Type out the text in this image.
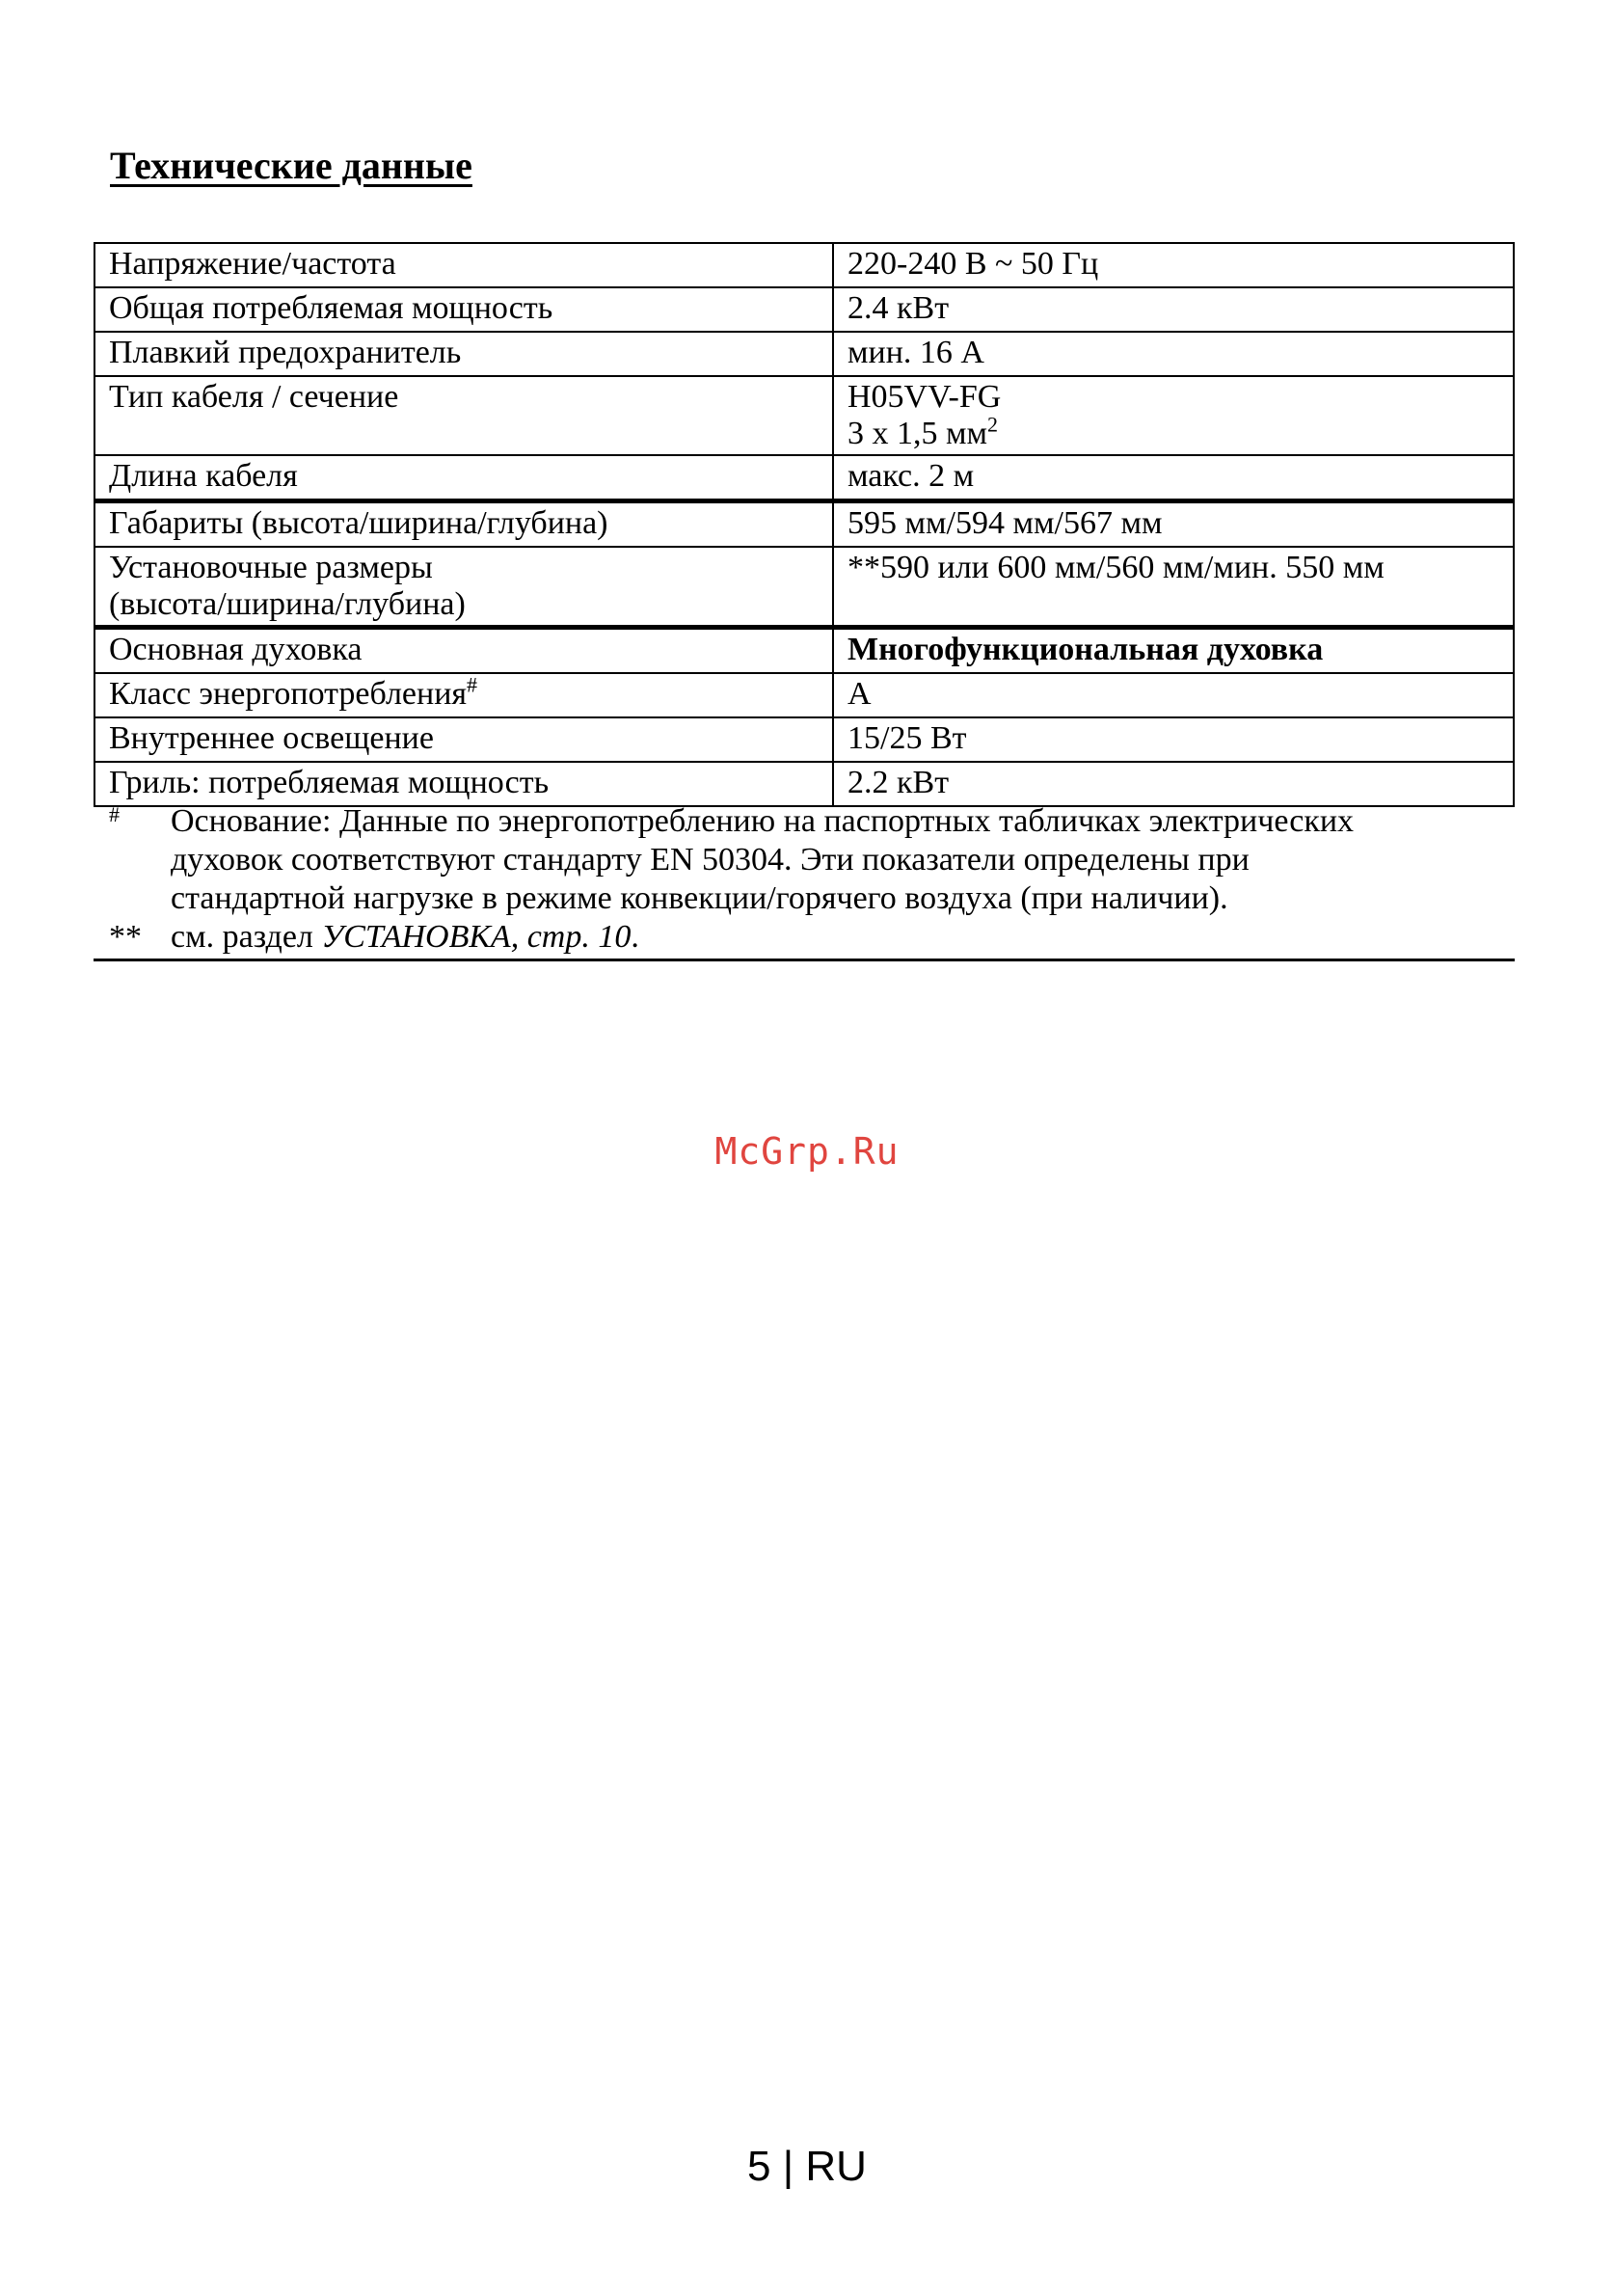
Технические данные
Напряжение/частота	220-240 В ~ 50 Гц
Общая потребляемая мощность	2.4 кВт
Плавкий предохранитель	мин. 16 А
Тип кабеля / сечение	H05VV-FG
3 x 1,5 $мм^2$

Длина кабеля	макс. 2 м
Габариты (высота/ширина/глубина)	595 мм/594 мм/567 мм

Установочные размеры
(высота/ширина/глубина)	**590 или 600 мм/560 мм/мин. 550 мм
Основная духовка	Многофункциональная духовка
Класс энергопотребления#	A
Внутреннее освещение	15/25 Вт
Гриль: потребляемая мощность	2.2 кВт
#	Основание: Данные по энергопотреблению на паспортных табличках электрических
духовок соответствуют стандарту EN 50304. Эти показатели определены при
стандартной нагрузке в режиме конвекции/горячего воздуха (при наличии).
** см. раздел УСТАНОВКА, стр. 10.
McGrp.Ru
5 | RU
